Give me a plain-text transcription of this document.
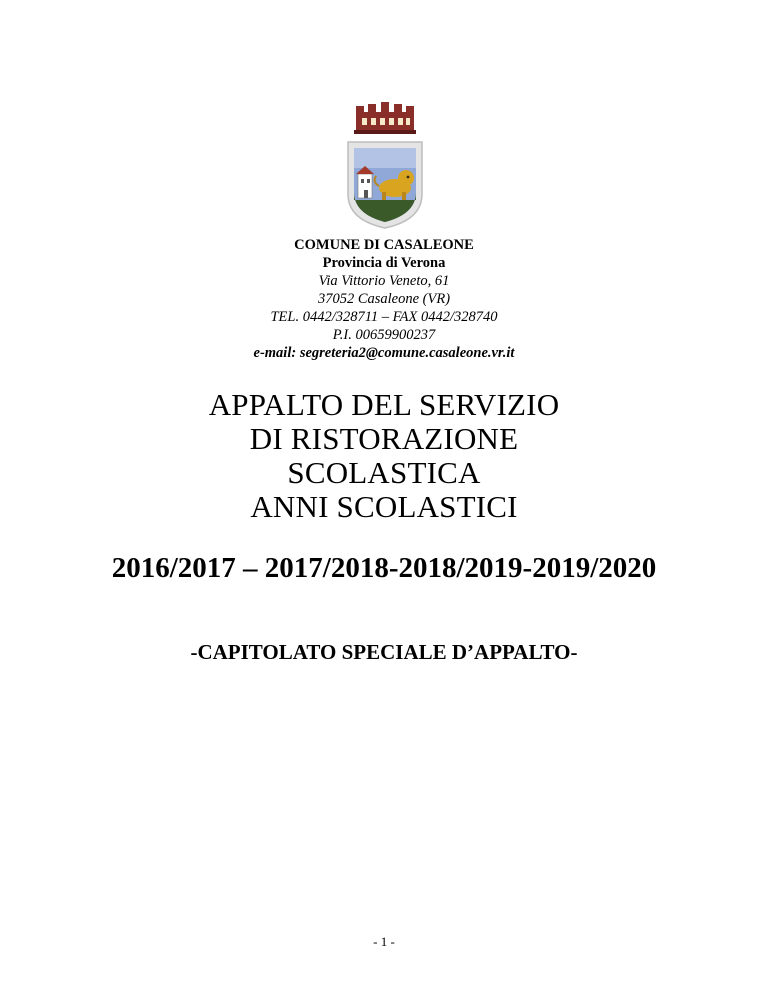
COMUNE DI CASALEONE
Provincia di Verona
Via Vittorio Veneto, 61
37052 Casaleone (VR)
TEL. 0442/328711 – FAX 0442/328740
P.I. 00659900237
e-mail: segreteria2@comune.casaleone.vr.it
APPALTO DEL SERVIZIO
DI RISTORAZIONE
SCOLASTICA
ANNI SCOLASTICI
2016/2017 – 2017/2018-2018/2019-2019/2020
-CAPITOLATO SPECIALE D’APPALTO-
- 1 -
